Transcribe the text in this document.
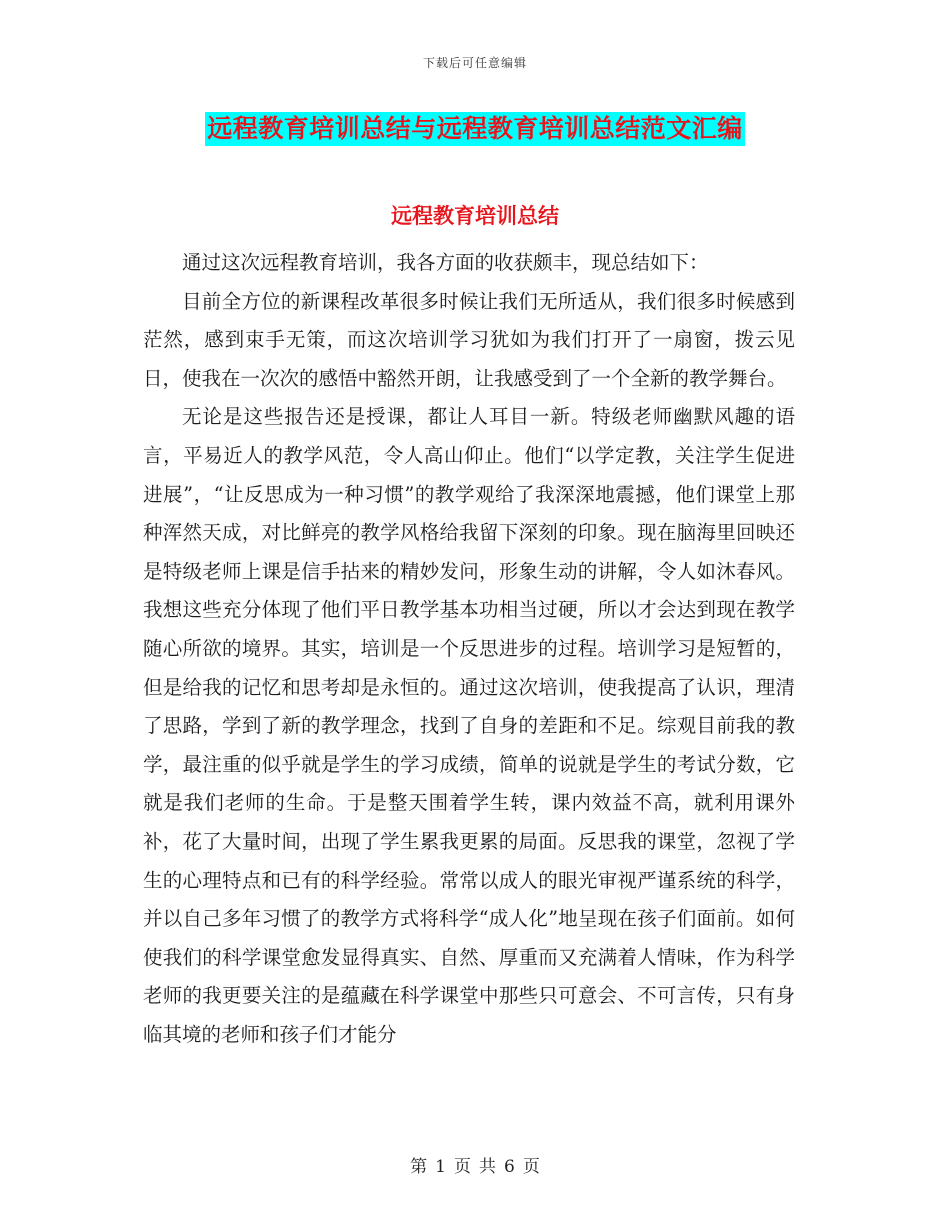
下载后可任意编辑
远程教育培训总结与远程教育培训总结范文汇编
远程教育培训总结

通过这次远程教育培训，我各方面的收获颇丰，现总结如下：

目前全方位的新课程改革很多时候让我们无所适从，我们很多时候感到茫然，感到束手无策，而这次培训学习犹如为我们打开了一扇窗，拨云见日，使我在一次次的感悟中豁然开朗，让我感受到了一个全新的教学舞台。

无论是这些报告还是授课，都让人耳目一新。特级老师幽默风趣的语言，平易近人的教学风范，令人高山仰止。他们“以学定教，关注学生促进进展”，“让反思成为一种习惯”的教学观给了我深深地震撼，他们课堂上那种浑然天成，对比鲜亮的教学风格给我留下深刻的印象。现在脑海里回映还是特级老师上课是信手拈来的精妙发问，形象生动的讲解，令人如沐春风。我想这些充分体现了他们平日教学基本功相当过硬，所以才会达到现在教学随心所欲的境界。其实，培训是一个反思进步的过程。培训学习是短暂的，但是给我的记忆和思考却是永恒的。通过这次培训，使我提高了认识，理清了思路，学到了新的教学理念，找到了自身的差距和不足。综观目前我的教学，最注重的似乎就是学生的学习成绩，简单的说就是学生的考试分数，它就是我们老师的生命。于是整天围着学生转，课内效益不高，就利用课外补，花了大量时间，出现了学生累我更累的局面。反思我的课堂，忽视了学生的心理特点和已有的科学经验。常常以成人的眼光审视严谨系统的科学，并以自己多年习惯了的教学方式将科学“成人化”地呈现在孩子们面前。如何使我们的科学课堂愈发显得真实、自然、厚重而又充满着人情味，作为科学老师的我更要关注的是蕴藏在科学课堂中那些只可意会、不可言传，只有身临其境的老师和孩子们才能分

第 1 页 共 6 页
